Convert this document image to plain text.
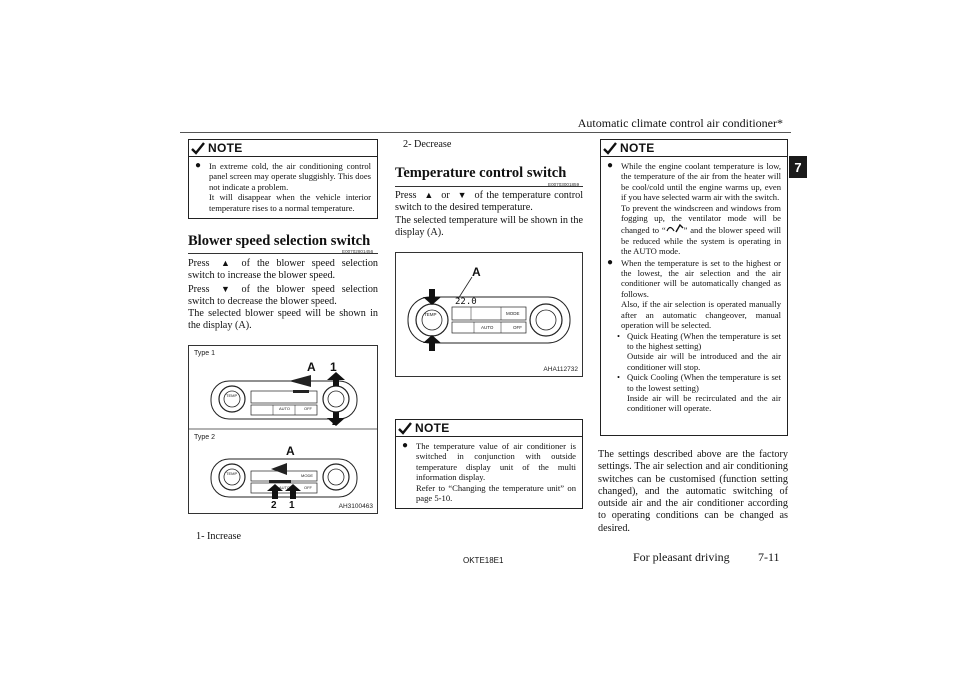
Automatic climate control air conditioner*
7
NOTE
● In extreme cold, the air conditioning control panel screen may operate sluggishly. This does not indicate a problem.
It will disappear when the vehicle interior temperature rises to a normal temperature.
Blower speed selection switch
E00702801456
Press ▲ of the blower speed selection switch to increase the blower speed.
Press ▼ of the blower speed selection switch to decrease the blower speed.
The selected blower speed will be shown in the display (A).
Type 1
Type 2
A 1
2
A
2 1
TEMP
AUTO	OFF
TEMP	MODE
AUTO	OFF
AH3100463
1- Increase
2- Decrease
Temperature control switch
E00703001859
Press ▲ or ▼ of the temperature control switch to the desired temperature.
The selected temperature will be shown in the display (A).
A
22.0
TEMP	MODE
AUTO	OFF
AHA112732
NOTE
● The temperature value of air conditioner is switched in conjunction with outside temperature display unit of the multi information display.
Refer to “Changing the temperature unit” on page 5-10.
NOTE
● While the engine coolant temperature is low, the temperature of the air from the heater will be cool/cold until the engine warms up, even if you have selected warm air with the switch.
To prevent the windscreen and windows from fogging up, the ventilator mode will be changed to “ ” and the blower speed will be reduced while the system is operating in the AUTO mode.
● When the temperature is set to the highest or the lowest, the air selection and the air conditioner will be automatically changed as follows.
Also, if the air selection is operated manually after an automatic changeover, manual operation will be selected.
• Quick Heating (When the temperature is set to the highest setting)
Outside air will be introduced and the air conditioner will stop.
• Quick Cooling (When the temperature is set to the lowest setting)
Inside air will be recirculated and the air conditioner will operate.
The settings described above are the factory settings. The air selection and air conditioning switches can be customised (function setting changed), and the automatic switching of outside air and the air conditioner according to operating conditions can be changed as desired.
OKTE18E1	For pleasant driving 7-11
